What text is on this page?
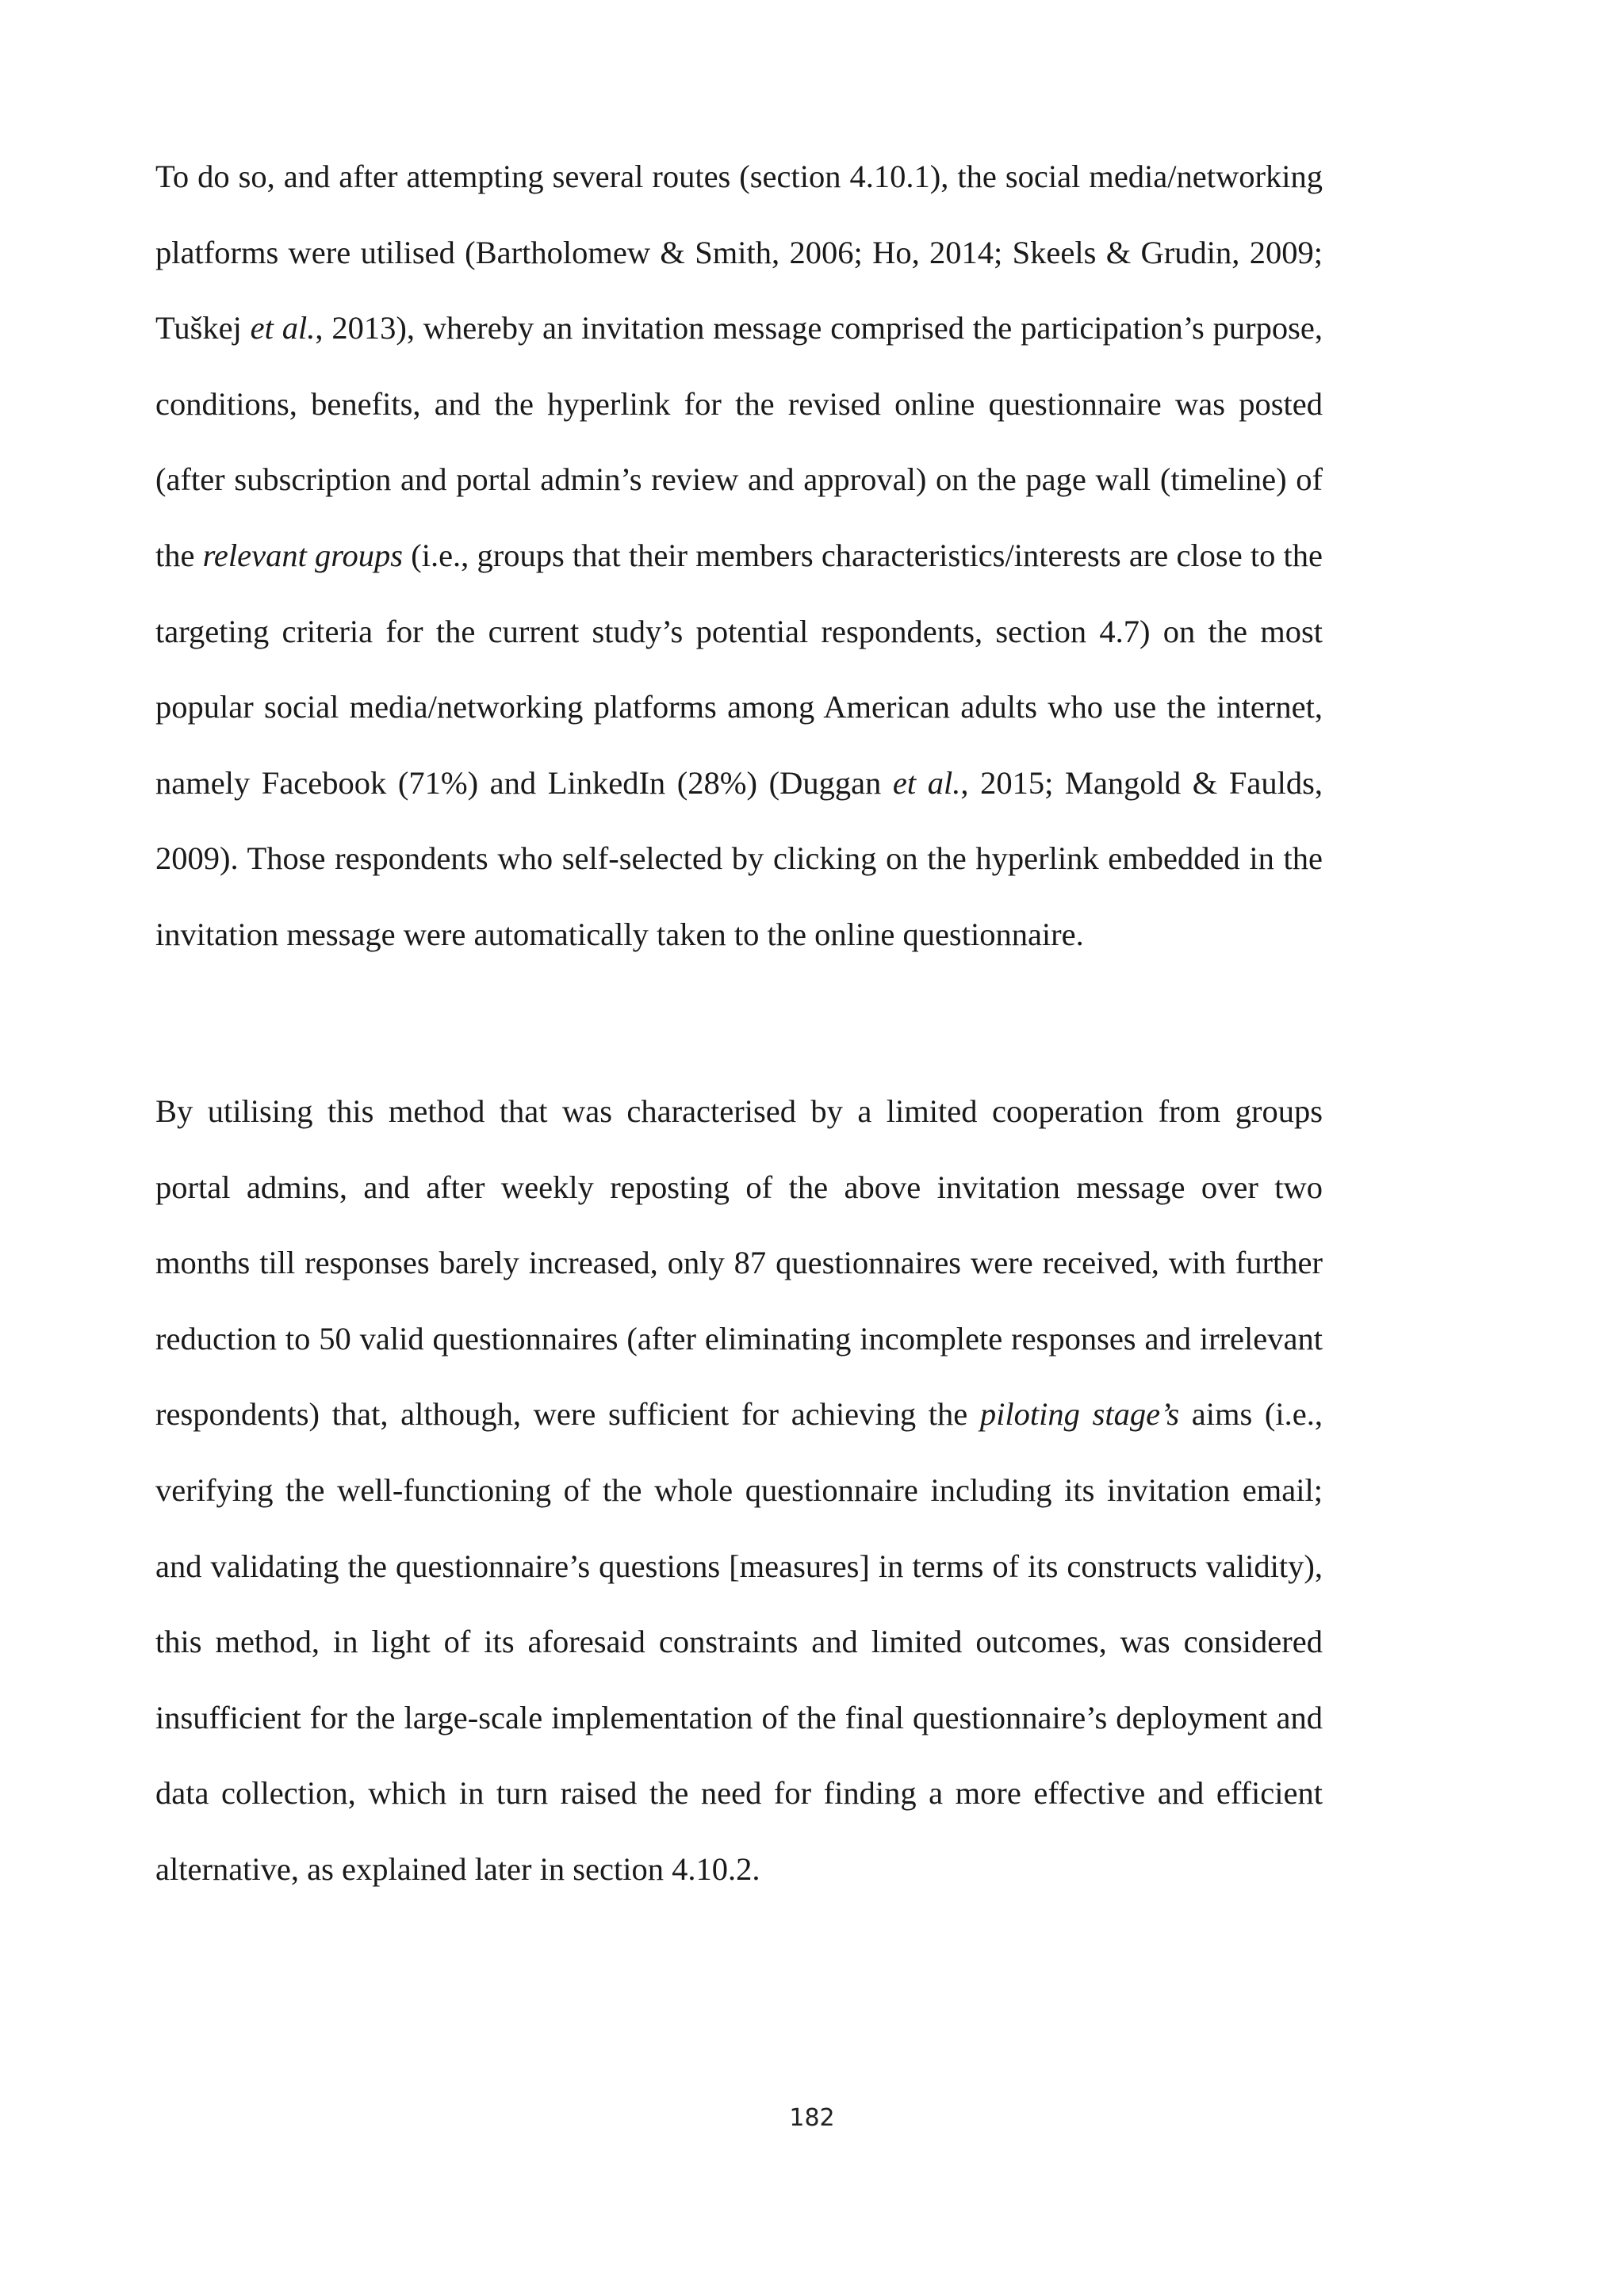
To do so, and after attempting several routes (section 4.10.1), the social media/networking platforms were utilised (Bartholomew & Smith, 2006; Ho, 2014; Skeels & Grudin, 2009; Tuškej et al., 2013), whereby an invitation message comprised the participation’s purpose, conditions, benefits, and the hyperlink for the revised online questionnaire was posted (after subscription and portal admin’s review and approval) on the page wall (timeline) of the relevant groups (i.e., groups that their members characteristics/interests are close to the targeting criteria for the current study’s potential respondents, section 4.7) on the most popular social media/networking platforms among American adults who use the internet, namely Facebook (71%) and LinkedIn (28%) (Duggan et al., 2015; Mangold & Faulds, 2009). Those respondents who self-selected by clicking on the hyperlink embedded in the invitation message were automatically taken to the online questionnaire.

By utilising this method that was characterised by a limited cooperation from groups portal admins, and after weekly reposting of the above invitation message over two months till responses barely increased, only 87 questionnaires were received, with further reduction to 50 valid questionnaires (after eliminating incomplete responses and irrelevant respondents) that, although, were sufficient for achieving the piloting stage’s aims (i.e., verifying the well-functioning of the whole questionnaire including its invitation email; and validating the questionnaire’s questions [measures] in terms of its constructs validity), this method, in light of its aforesaid constraints and limited outcomes, was considered insufficient for the large-scale implementation of the final questionnaire’s deployment and data collection, which in turn raised the need for finding a more effective and efficient alternative, as explained later in section 4.10.2.

182
